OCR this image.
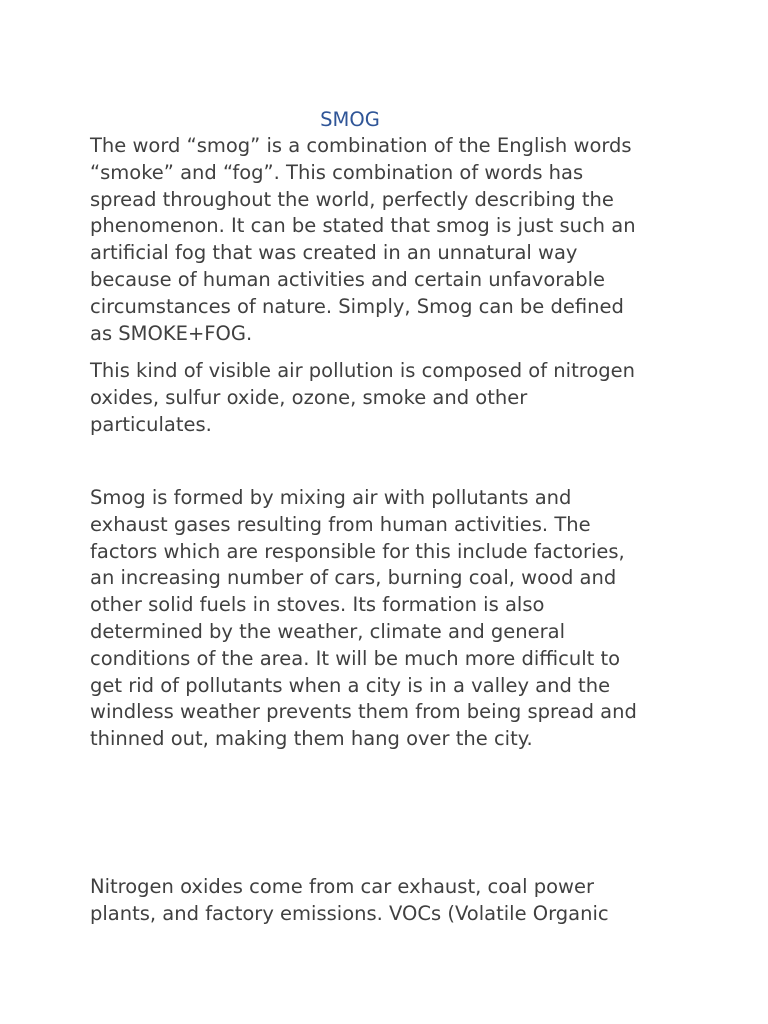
SMOG

The word “smog” is a combination of the English words
“smoke” and “fog”. This combination of words has
spread throughout the world, perfectly describing the
phenomenon. It can be stated that smog is just such an
artificial fog that was created in an unnatural way
because of human activities and certain unfavorable
circumstances of nature. Simply, Smog can be defined
as SMOKE+FOG.

This kind of visible air pollution is composed of nitrogen
oxides, sulfur oxide, ozone, smoke and other
particulates.

Smog is formed by mixing air with pollutants and
exhaust gases resulting from human activities. The
factors which are responsible for this include factories,
an increasing number of cars, burning coal, wood and
other solid fuels in stoves. Its formation is also
determined by the weather, climate and general
conditions of the area. It will be much more difficult to
get rid of pollutants when a city is in a valley and the
windless weather prevents them from being spread and
thinned out, making them hang over the city.

Nitrogen oxides come from car exhaust, coal power
plants, and factory emissions. VOCs (Volatile Organic
